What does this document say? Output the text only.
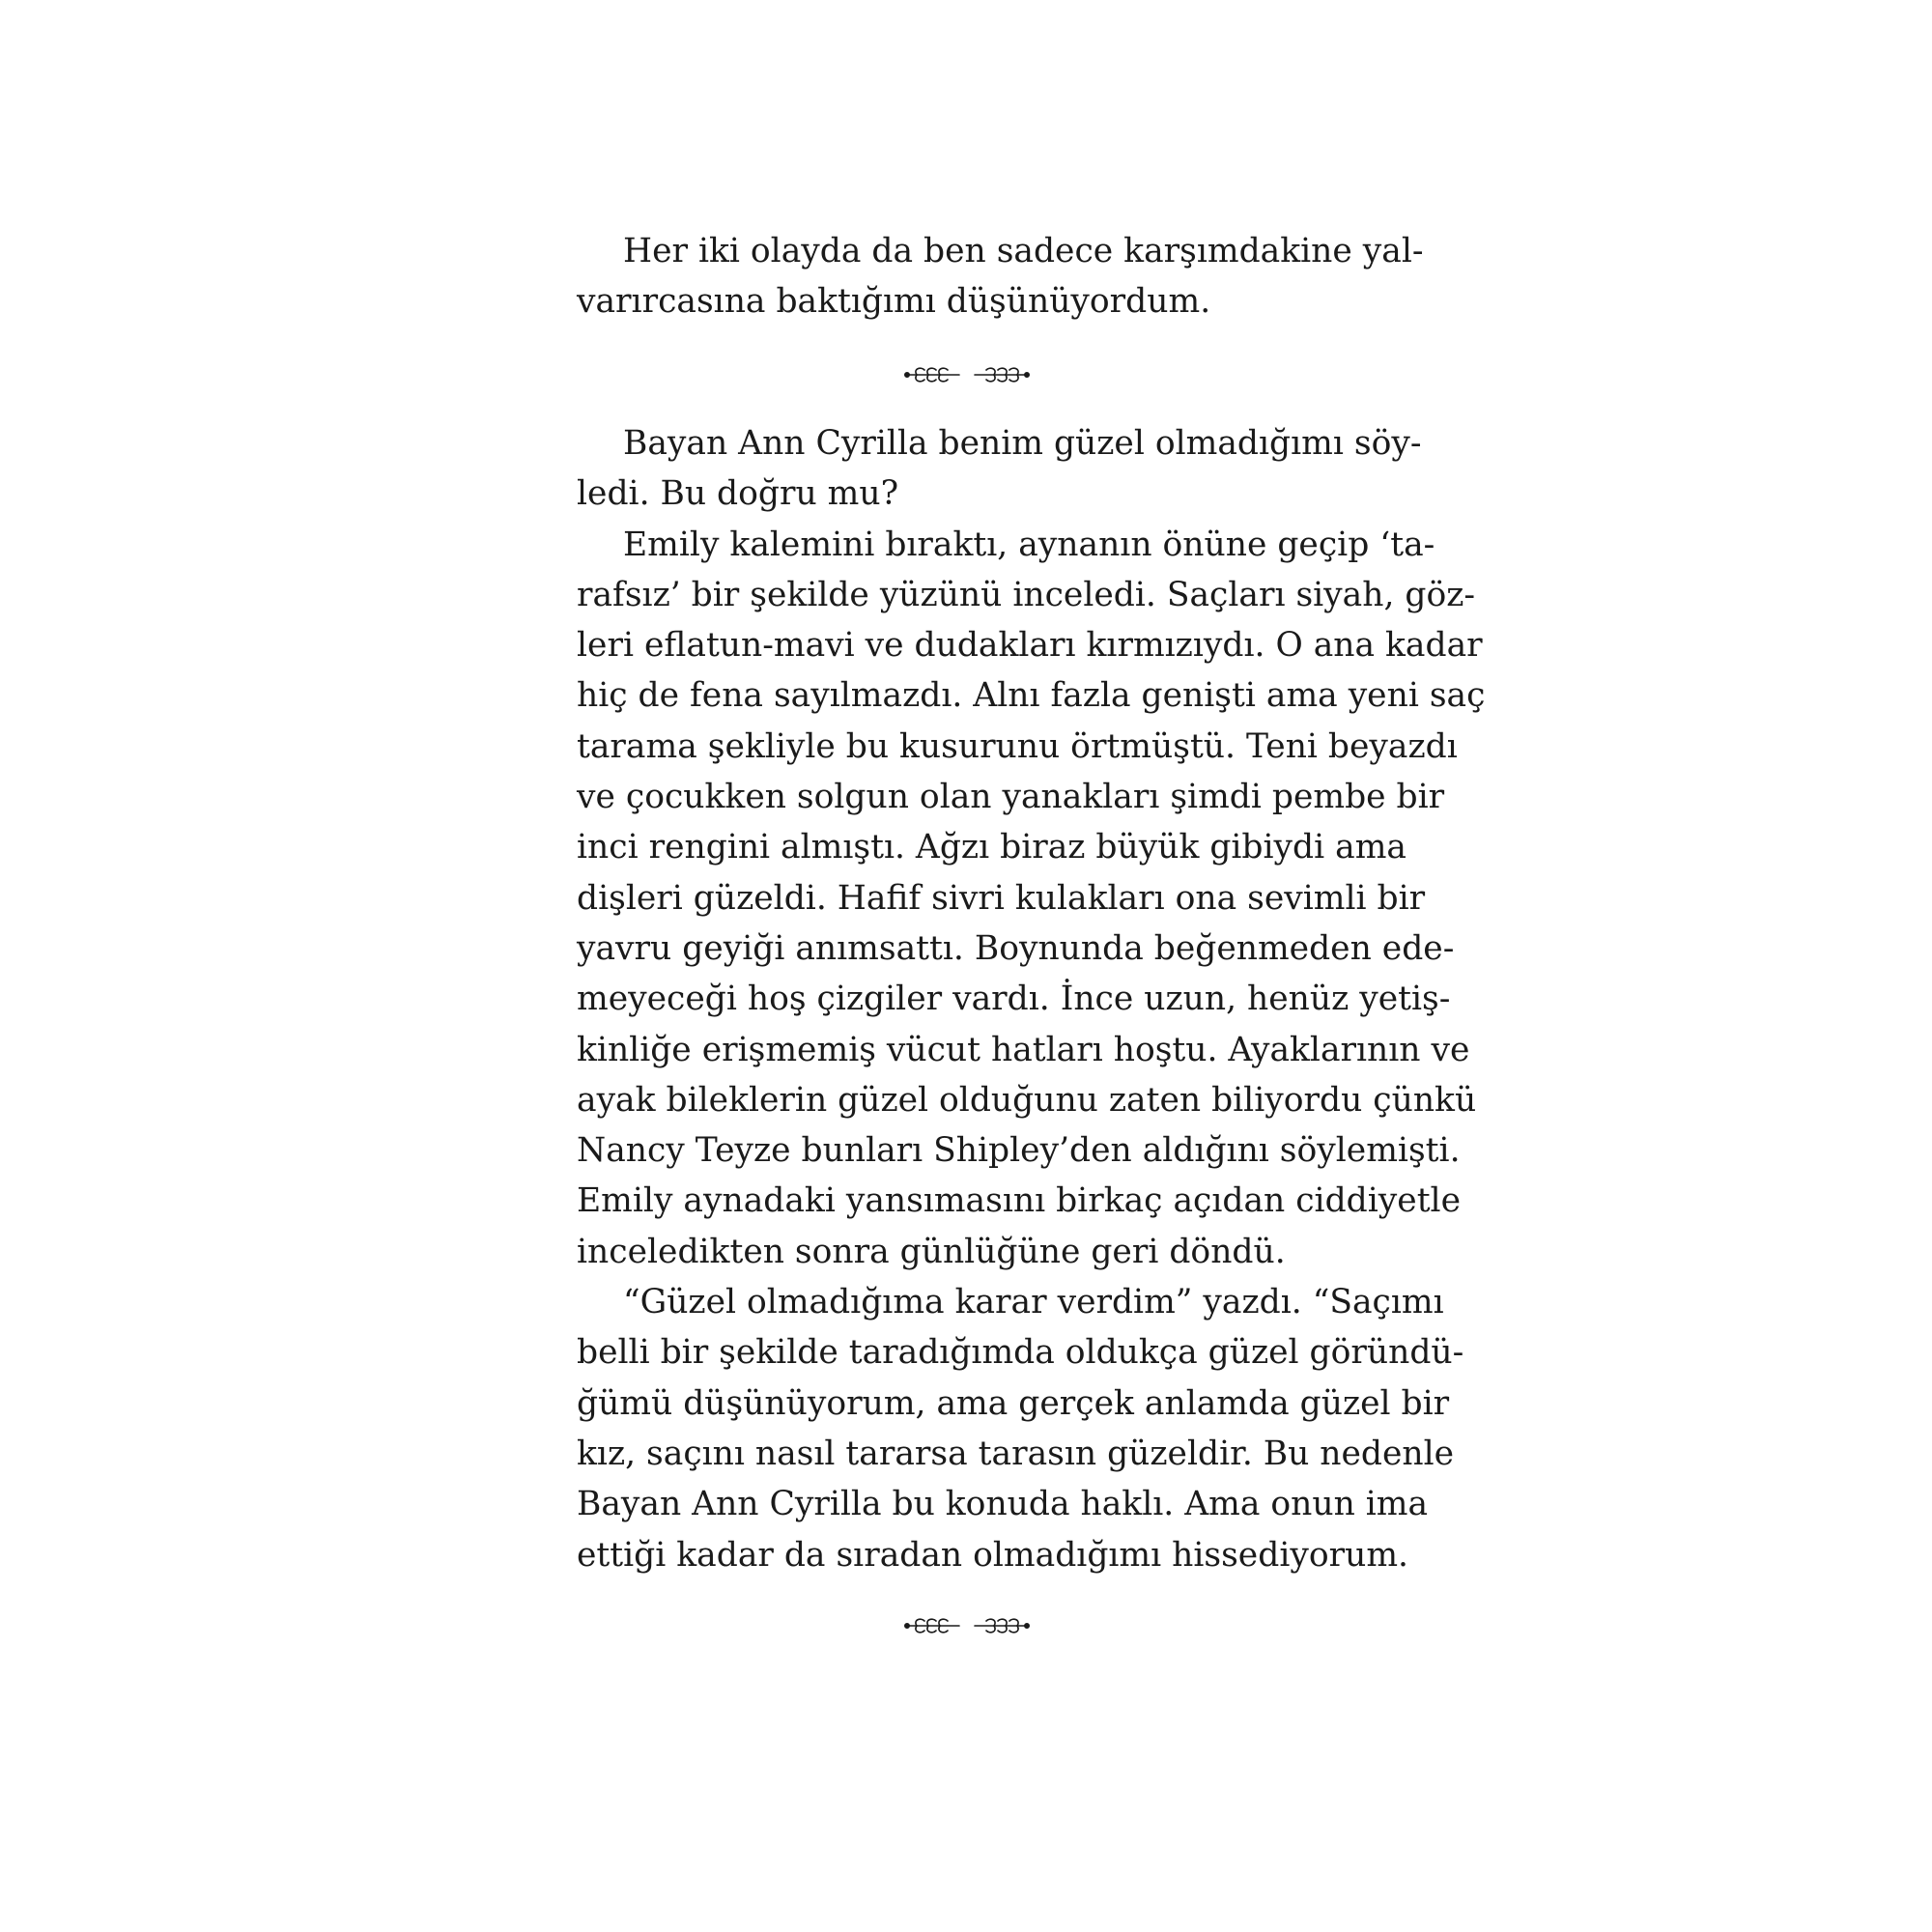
Her iki olayda da ben sadece karşımdakine yal-
varırcasına baktığımı düşünüyordum.
Bayan Ann Cyrilla benim güzel olmadığımı söy-
ledi. Bu doğru mu?
Emily kalemini bıraktı, aynanın önüne geçip ‘ta-
rafsız’ bir şekilde yüzünü inceledi. Saçları siyah, göz-
leri eflatun-mavi ve dudakları kırmızıydı. O ana kadar
hiç de fena sayılmazdı. Alnı fazla genişti ama yeni saç
tarama şekliyle bu kusurunu örtmüştü. Teni beyazdı
ve çocukken solgun olan yanakları şimdi pembe bir
inci rengini almıştı. Ağzı biraz büyük gibiydi ama
dişleri güzeldi. Hafif sivri kulakları ona sevimli bir
yavru geyiği anımsattı. Boynunda beğenmeden ede-
meyeceği hoş çizgiler vardı. İnce uzun, henüz yetiş-
kinliğe erişmemiş vücut hatları hoştu. Ayaklarının ve
ayak bileklerin güzel olduğunu zaten biliyordu çünkü
Nancy Teyze bunları Shipley’den aldığını söylemişti.
Emily aynadaki yansımasını birkaç açıdan ciddiyetle
inceledikten sonra günlüğüne geri döndü.
“Güzel olmadığıma karar verdim” yazdı. “Saçımı
belli bir şekilde taradığımda oldukça güzel göründü-
ğümü düşünüyorum, ama gerçek anlamda güzel bir
kız, saçını nasıl tararsa tarasın güzeldir. Bu nedenle
Bayan Ann Cyrilla bu konuda haklı. Ama onun ima
ettiği kadar da sıradan olmadığımı hissediyorum.
